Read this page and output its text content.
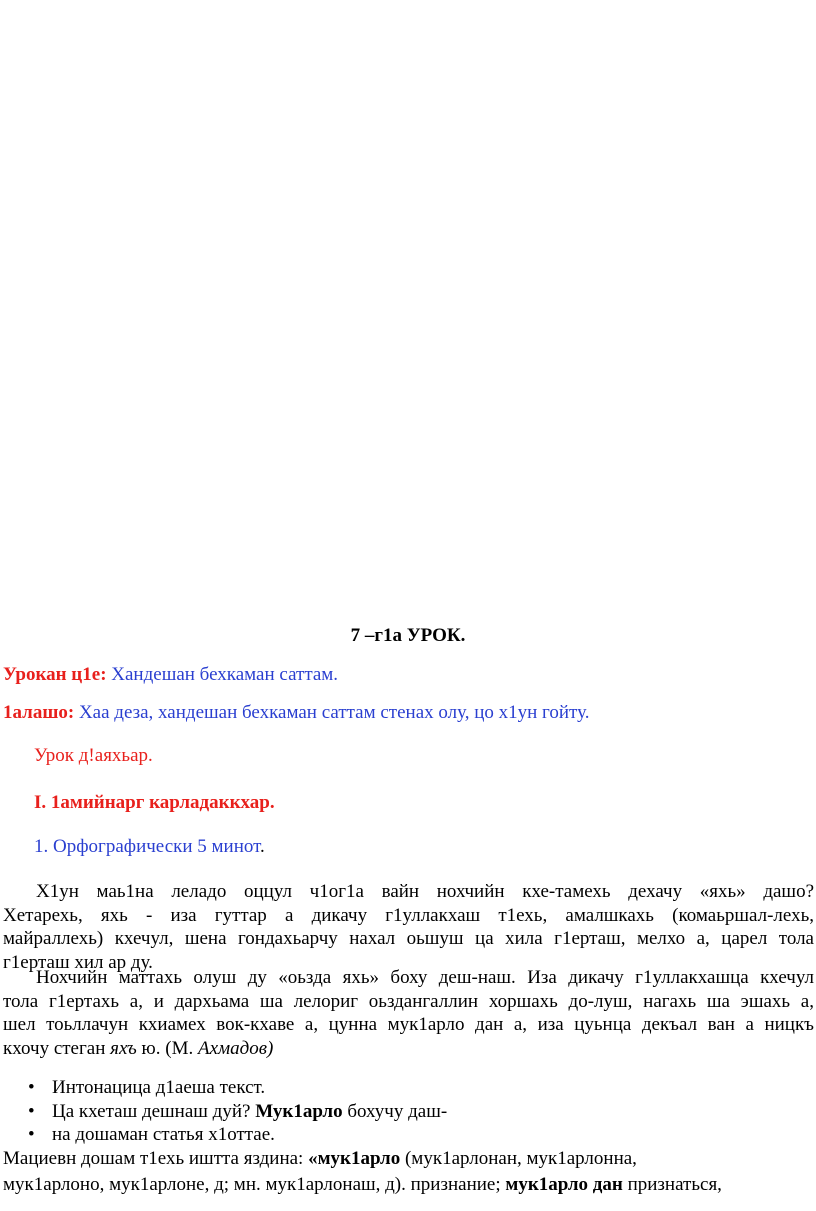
7 –г1а УРОК.
Урокан ц1е: Хандешан бехкаман саттам.
1алашо: Хаа деза, хандешан бехкаман саттам стенах олу, цо х1ун гойту.
Урок д!аяхьар.
I. 1амийнарг карладаккхар.
1. Орфографически 5 минот.
Х1ун маь1на леладо оццул ч1ог1а вайн нохчийн кхе-тамехь дехачу «яхь» дашо?
Хетарехь, яхь - иза гуттар а дикачу г1уллакхаш т1ехь, амалшкахь (комаьршал-лехь,
майраллехь) кхечул, шена гондахьарчу нахал оьшуш ца хила г1ерташ, мелхо а, царел тола
г1ерташ хил ар ду.
Нохчийн маттахь олуш ду «оьзда яхь» боху деш-наш. Иза дикачу г1уллакхашца кхечул
тола г1ертахь а, и дархьама ша лелориг оьздангаллин хоршахь до-луш, нагахь ша эшахь а,
шел тоьллачун кхиамех вок-кхаве а, цунна мук1арло дан а, иза цуьнца декъал ван а ницкъ
кхочу стеган яхъ ю. (М. Ахмадов)
• Интонацица д1аеша текст.
• Ца кхеташ дешнаш дуй? Мук1арло бохучу даш-
• на дошаман статья х1оттае.
Мациевн дошам т1ехь иштта яздина: «мук1арло (мук1арлонан, мук1арлонна,
мук1арлоно, мук1арлоне, д; мн. мук1арлонаш, д). признание; мук1арло дан признаться,
